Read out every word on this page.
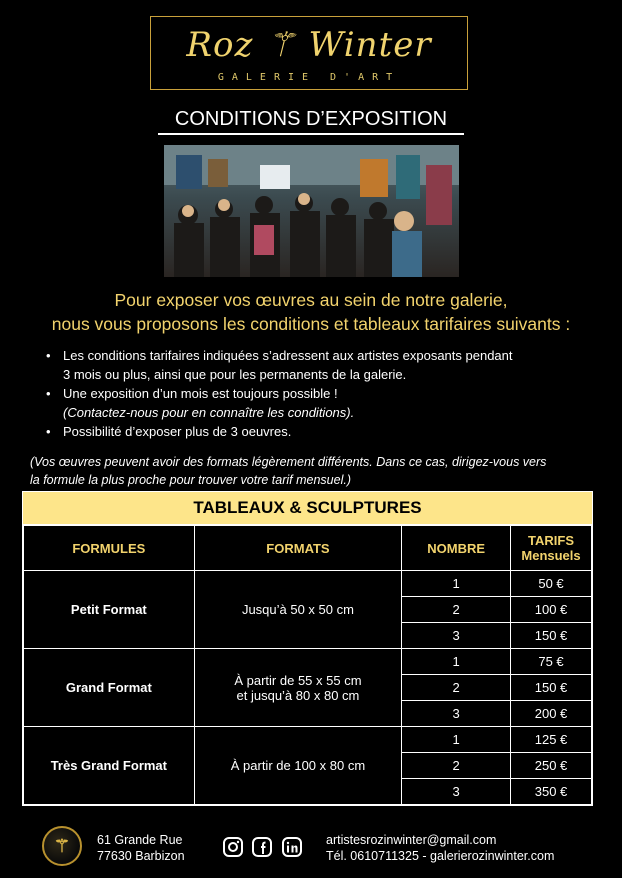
Roz ⚚ Winter
GALERIE D'ART
CONDITIONS D’EXPOSITION
Pour exposer vos œuvres au sein de notre galerie,
nous vous proposons les conditions et tableaux tarifaires suivants :
• Les conditions tarifaires indiquées s’adressent aux artistes exposants pendant
3 mois ou plus, ainsi que pour les permanents de la galerie.
• Une exposition d’un mois est toujours possible !
(Contactez-nous pour en connaître les conditions).
• Possibilité d’exposer plus de 3 oeuvres.
(Vos œuvres peuvent avoir des formats légèrement différents. Dans ce cas, dirigez-vous vers
la formule la plus proche pour trouver votre tarif mensuel.)
TABLEAUX & SCULPTURES
FORMULES	FORMATS	NOMBRE	TARIFS
Mensuels
Petit Format	Jusqu’à 50 x 50 cm	1	50 €
		2	100 €
		3	150 €
Grand Format	À partir de 55 x 55 cm
et jusqu’à 80 x 80 cm	1	75 €
		2	150 €
		3	200 €
Très Grand Format	À partir de 100 x 80 cm	1	125 €
		2	250 €
		3	350 €
⚚	61 Grande Rue
77630 Barbizon

artistesrozinwinter@gmail.com
Tél. 0610711325 - galerierozinwinter.com
